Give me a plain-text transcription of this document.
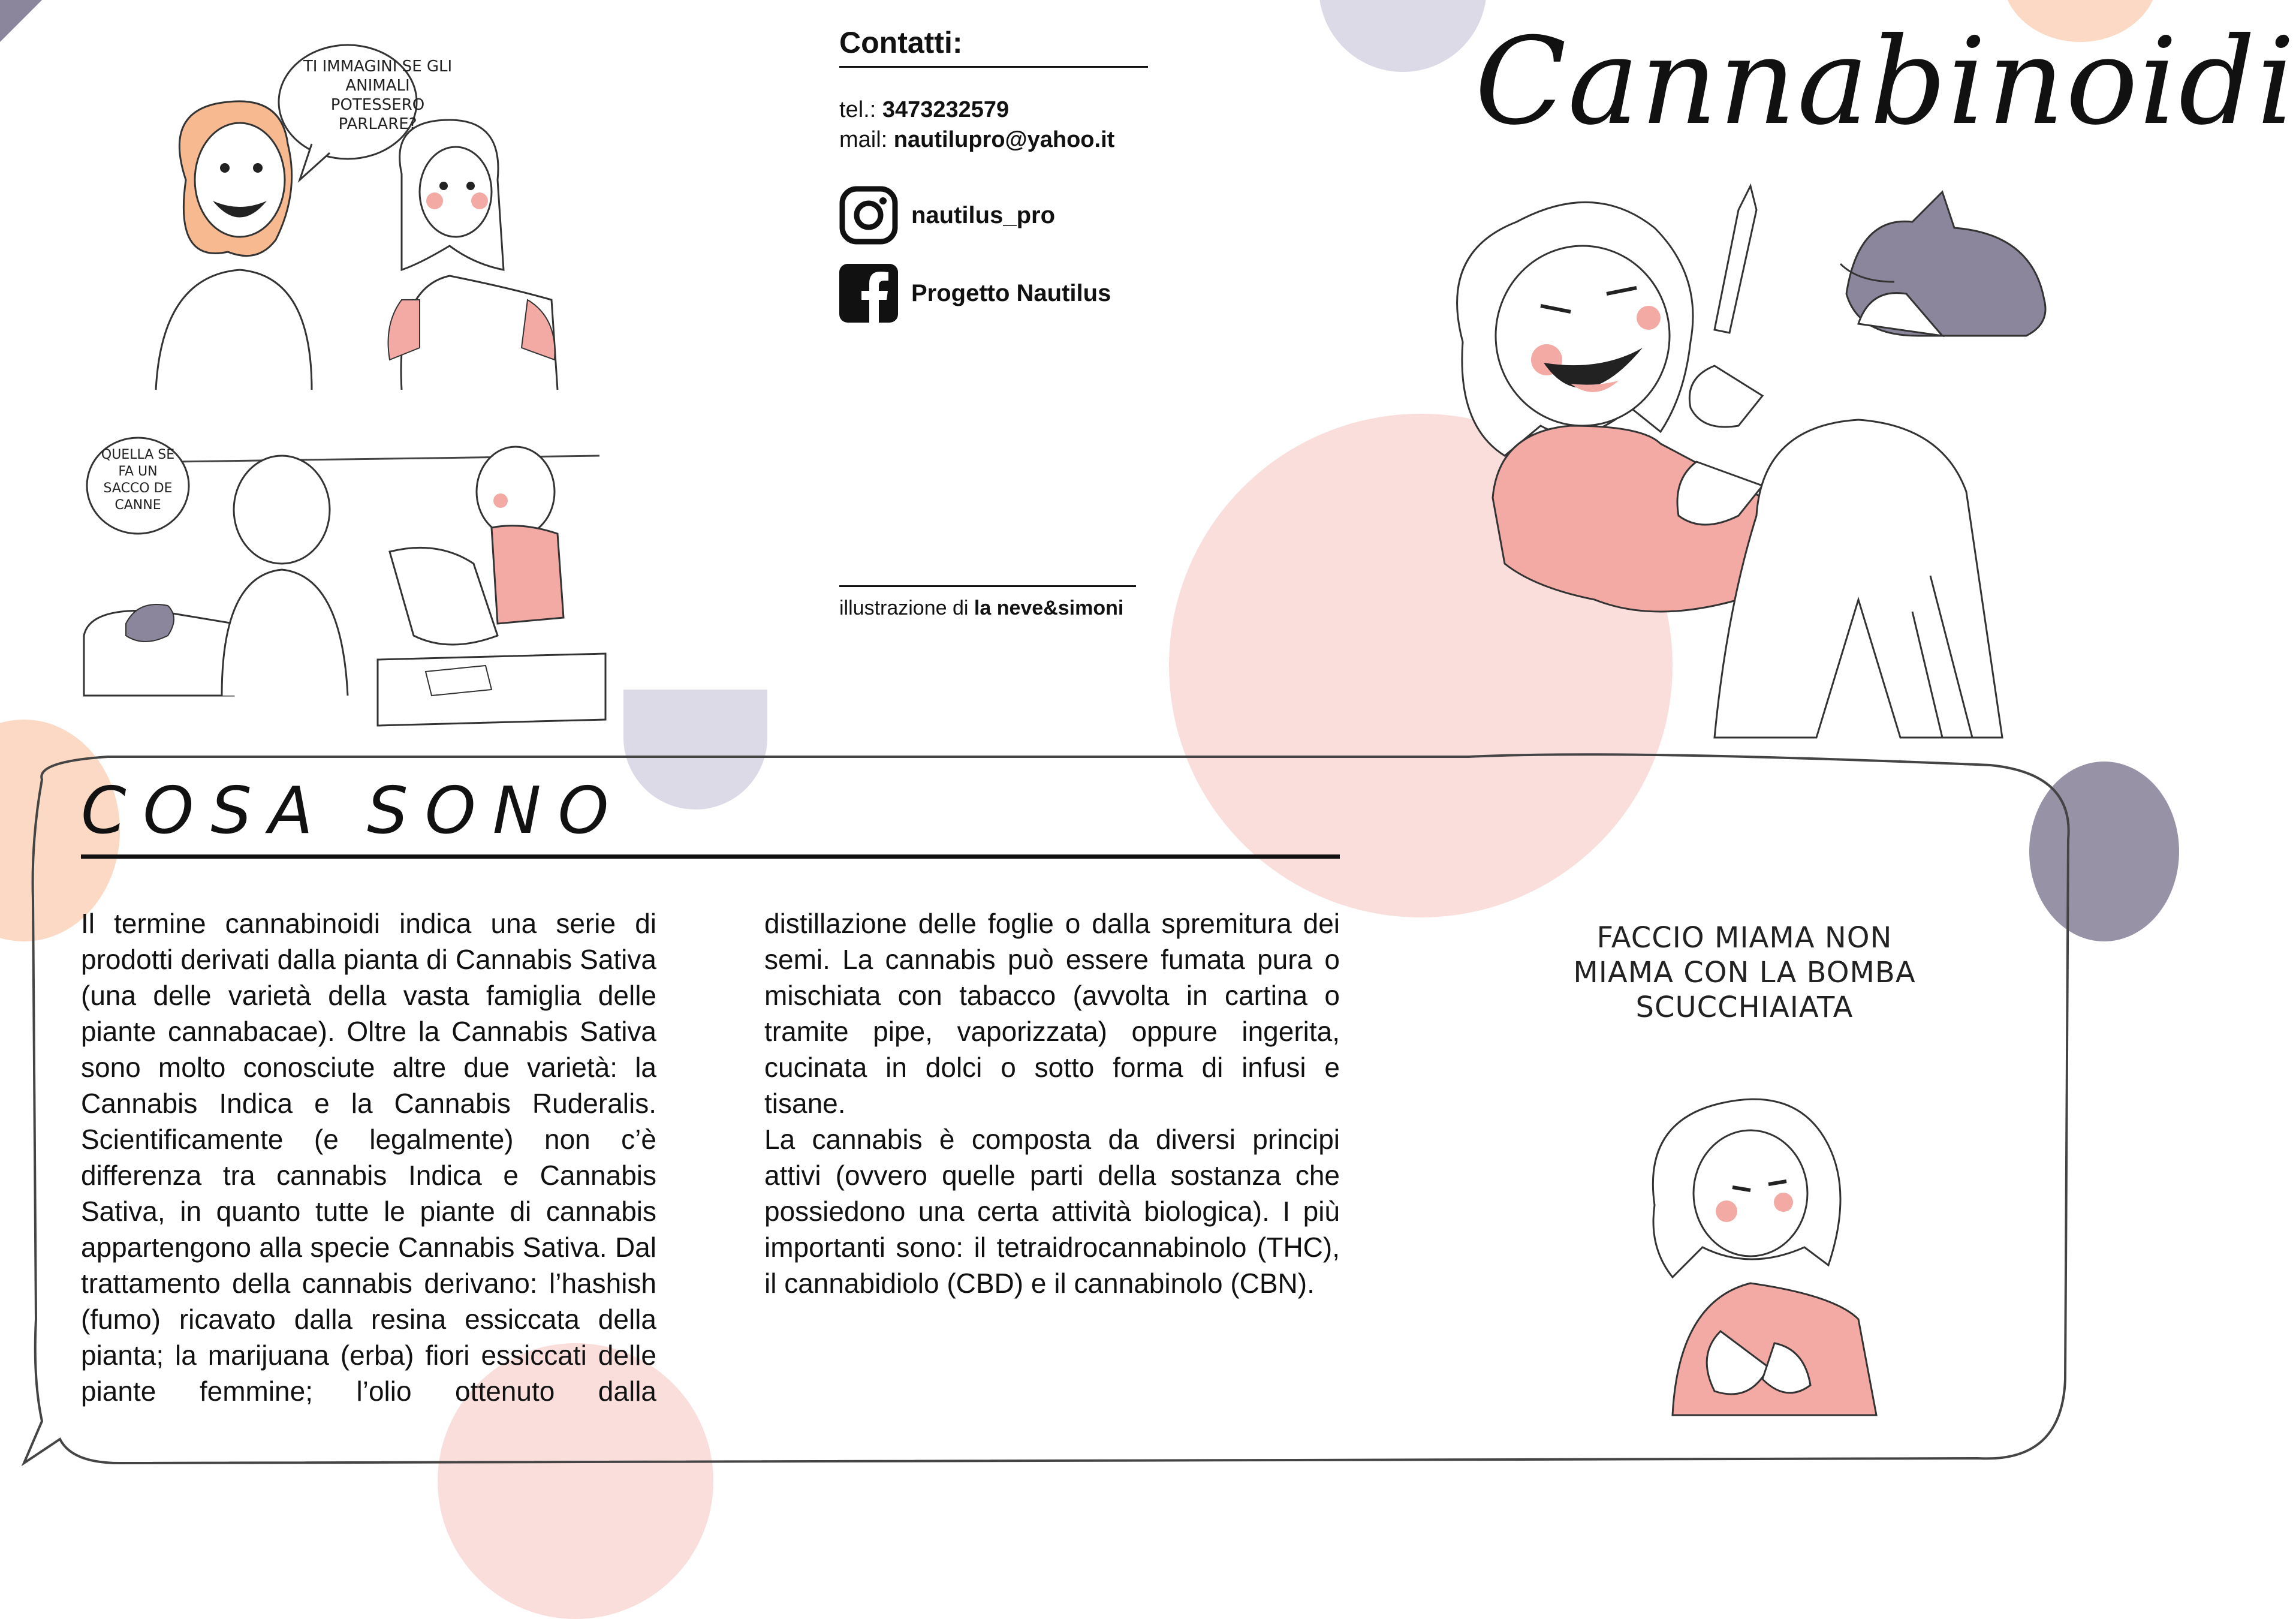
TI IMMAGINI SE GLI ANIMALI POTESSERO PARLARE?
QUELLA SE FA UN SACCO DE CANNE
Contatti:
tel.: 3473232579
mail: nautilupro@yahoo.it
nautilus_pro
Progetto Nautilus
illustrazione di la neve&simoni
Cannabinoidi
COSA SONO

Il termine cannabinoidi indica una serie di prodotti derivati dalla pianta di Cannabis Sativa (una delle varietà della vasta famiglia delle piante cannabacae). Oltre la Cannabis Sativa sono molto conosciute altre due varietà: la Cannabis Indica e la Cannabis Ruderalis. Scientificamente (e legalmente) non c’è differenza tra cannabis Indica e Cannabis Sativa, in quanto tutte le piante di cannabis appartengono alla specie Cannabis Sativa. Dal trattamento della cannabis derivano: l’hashish (fumo) ricavato dalla resina essiccata della pianta; la marijuana (erba) fiori essiccati delle piante femmine; l’olio ottenuto dalla distillazione delle foglie o dalla spremitura dei semi. La cannabis può essere fumata pura o mischiata con tabacco (avvolta in cartina o tramite pipe, vaporizzata) oppure ingerita, cucinata in dolci o sotto forma di infusi e tisane.

La cannabis è composta da diversi principi attivi (ovvero quelle parti della sostanza che possiedono una certa attività biologica). I più importanti sono: il tetraidrocannabinolo (THC), il cannabidiolo (CBD) e il cannabinolo (CBN).

FACCIO MIAMA NON MIAMA CON LA BOMBA SCUCCHIAIATA
